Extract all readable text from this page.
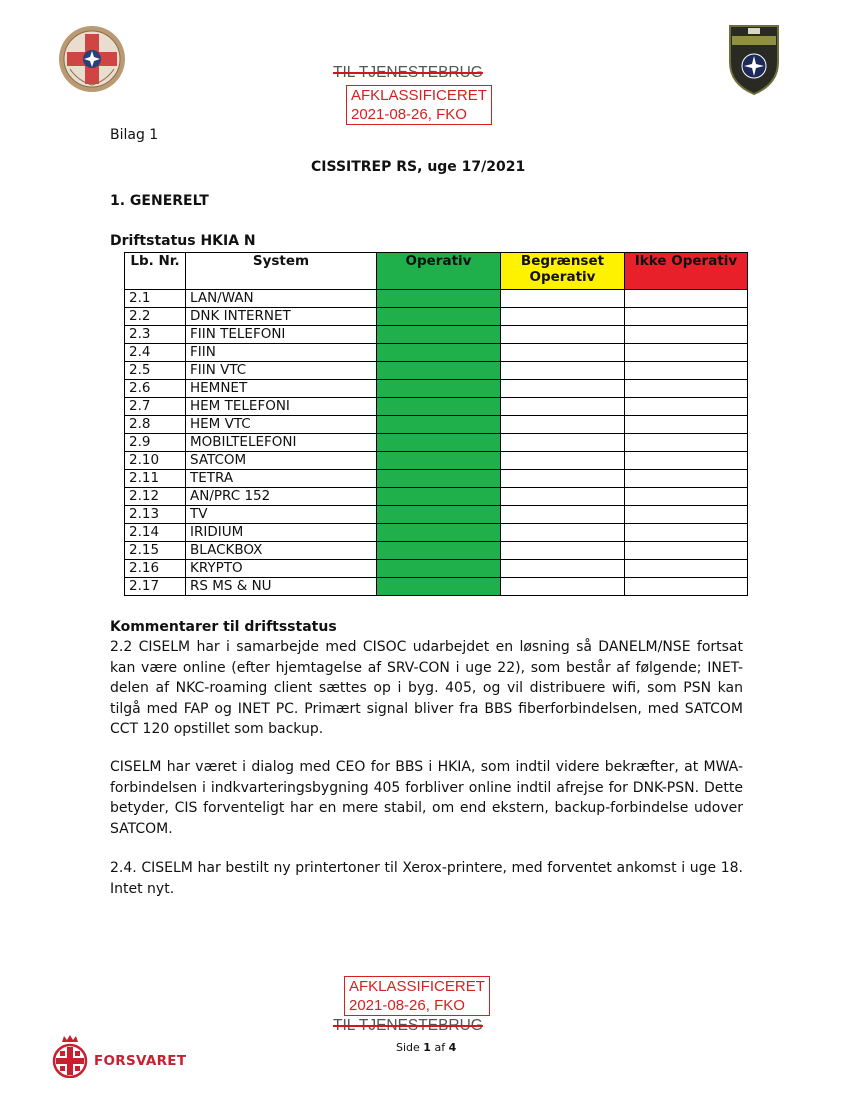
TIL TJENESTEBRUG
AFKLASSIFICERET
2021-08-26, FKO
Bilag 1
CISSITREP RS, uge 17/2021
1. GENERELT
Driftstatus HKIA N
Lb. Nr.	System	Operativ	Begrænset Operativ	Ikke Operativ
2.1	LAN/WAN			
2.2	DNK INTERNET			
2.3	FIIN TELEFONI			
2.4	FIIN			
2.5	FIIN VTC			
2.6	HEMNET			
2.7	HEM TELEFONI			
2.8	HEM VTC			
2.9	MOBILTELEFONI			
2.10	SATCOM			
2.11	TETRA			
2.12	AN/PRC 152			
2.13	TV			
2.14	IRIDIUM			
2.15	BLACKBOX			
2.16	KRYPTO			
2.17	RS MS & NU			
Kommentarer til driftsstatus

2.2 CISELM har i samarbejde med CISOC udarbejdet en løsning så DANELM/NSE fortsat kan være online (efter hjemtagelse af SRV-CON i uge 22), som består af følgende; INET-delen af NKC-roaming client sættes op i byg. 405, og vil distribuere wifi, som PSN kan tilgå med FAP og INET PC. Primært signal bliver fra BBS fiberforbindelsen, med SATCOM CCT 120 opstillet som backup.

CISELM har været i dialog med CEO for BBS i HKIA, som indtil videre bekræfter, at MWA-forbindelsen i indkvarteringsbygning 405 forbliver online indtil afrejse for DNK-PSN. Dette betyder, CIS forventeligt har en mere stabil, om end ekstern, backup-forbindelse udover SATCOM.

2.4. CISELM har bestilt ny printertoner til Xerox-printere, med forventet ankomst i uge 18. Intet nyt.

AFKLASSIFICERET
2021-08-26, FKO
TIL TJENESTEBRUG
Side 1 af 4
FORSVARET
